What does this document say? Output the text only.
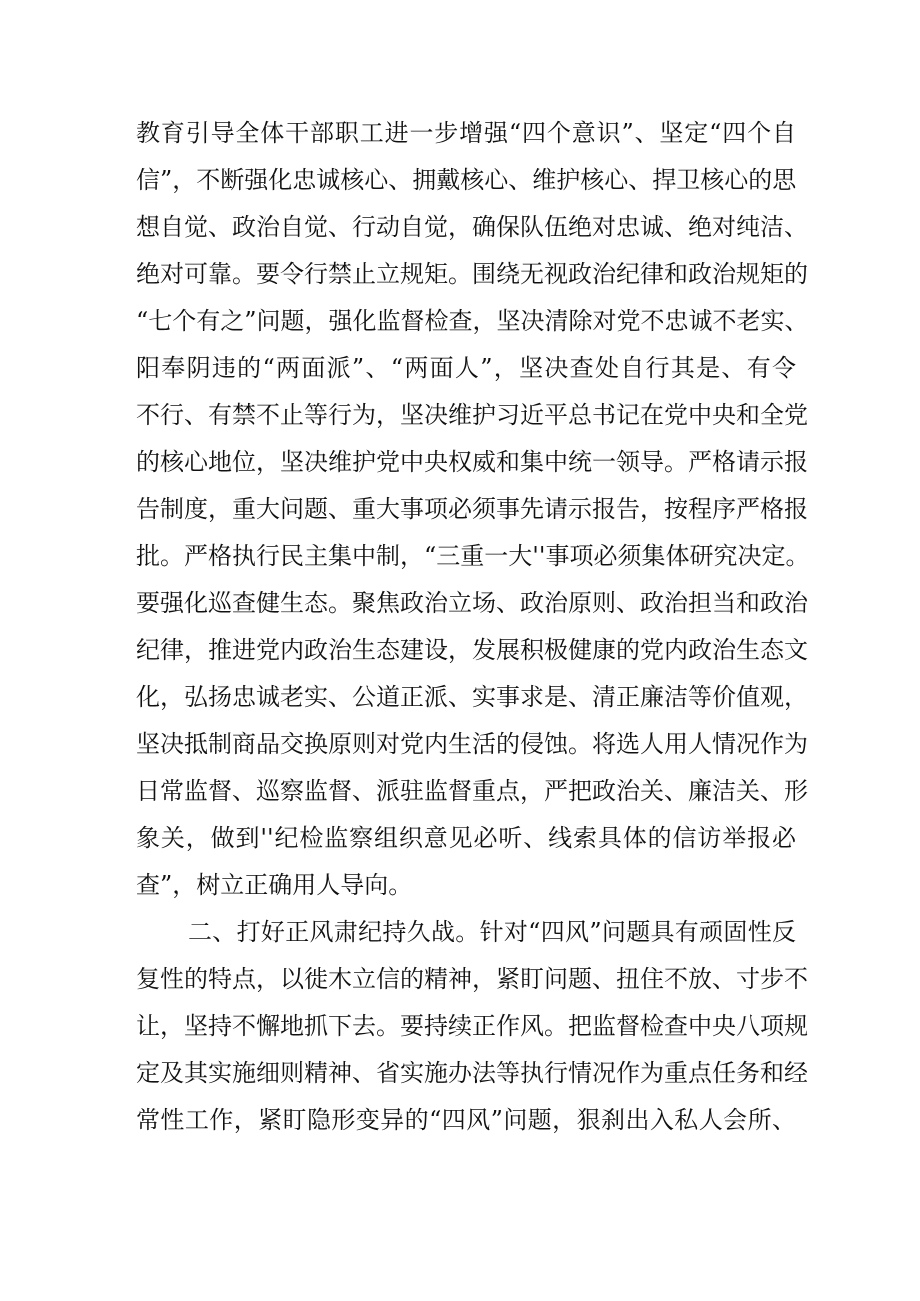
教育引导全体干部职工进一步增强“四个意识”、坚定“四个自
信”，不断强化忠诚核心、拥戴核心、维护核心、捍卫核心的思
想自觉、政治自觉、行动自觉，确保队伍绝对忠诚、绝对纯洁、
绝对可靠。要令行禁止立规矩。围绕无视政治纪律和政治规矩的
“七个有之”问题，强化监督检查，坚决清除对党不忠诚不老实、
阳奉阴违的“两面派”、“两面人”，坚决查处自行其是、有令
不行、有禁不止等行为，坚决维护习近平总书记在党中央和全党
的核心地位，坚决维护党中央权威和集中统一领导。严格请示报
告制度，重大问题、重大事项必须事先请示报告，按程序严格报
批。严格执行民主集中制，“三重一大''事项必须集体研究决定。
要强化巡查健生态。聚焦政治立场、政治原则、政治担当和政治
纪律，推进党内政治生态建设，发展积极健康的党内政治生态文
化，弘扬忠诚老实、公道正派、实事求是、清正廉洁等价值观，
坚决抵制商品交换原则对党内生活的侵蚀。将选人用人情况作为
日常监督、巡察监督、派驻监督重点，严把政治关、廉洁关、形
象关，做到''纪检监察组织意见必听、线索具体的信访举报必
查”，树立正确用人导向。
二、打好正风肃纪持久战。针对“四风”问题具有顽固性反
复性的特点，以徙木立信的精神，紧盯问题、扭住不放、寸步不
让，坚持不懈地抓下去。要持续正作风。把监督检查中央八项规
定及其实施细则精神、省实施办法等执行情况作为重点任务和经
常性工作，紧盯隐形变异的“四风”问题，狠刹出入私人会所、
